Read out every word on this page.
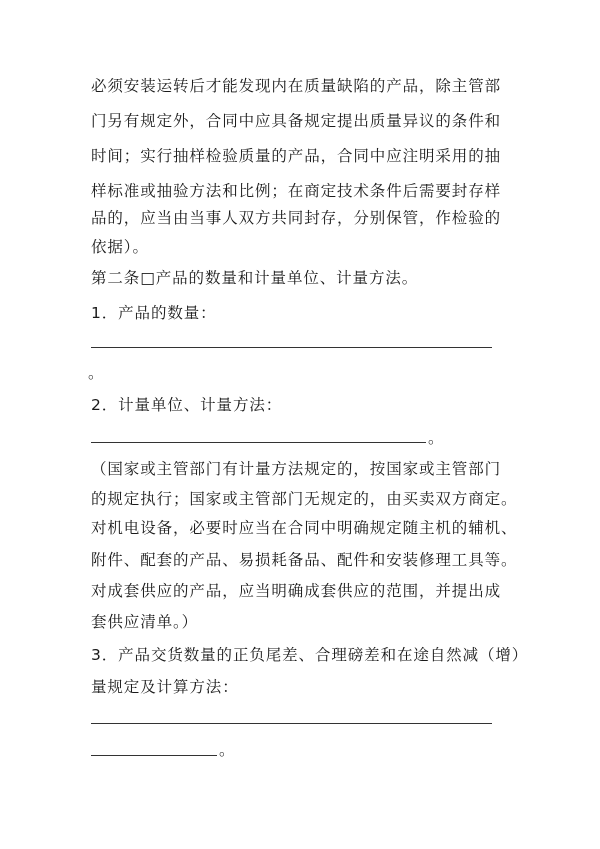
必须安装运转后才能发现内在质量缺陷的产品，除主管部
门另有规定外，合同中应具备规定提出质量异议的条件和
时间；实行抽样检验质量的产品，合同中应注明采用的抽
样标准或抽验方法和比例；在商定技术条件后需要封存样
品的，应当由当事人双方共同封存，分别保管，作检验的
依据）。
第二条□产品的数量和计量单位、计量方法。
1．产品的数量：
。
2．计量单位、计量方法：
。
（国家或主管部门有计量方法规定的，按国家或主管部门
的规定执行；国家或主管部门无规定的，由买卖双方商定。
对机电设备，必要时应当在合同中明确规定随主机的辅机、
附件、配套的产品、易损耗备品、配件和安装修理工具等。
对成套供应的产品，应当明确成套供应的范围，并提出成
套供应清单。）
3．产品交货数量的正负尾差、合理磅差和在途自然减（增）
量规定及计算方法：
。
